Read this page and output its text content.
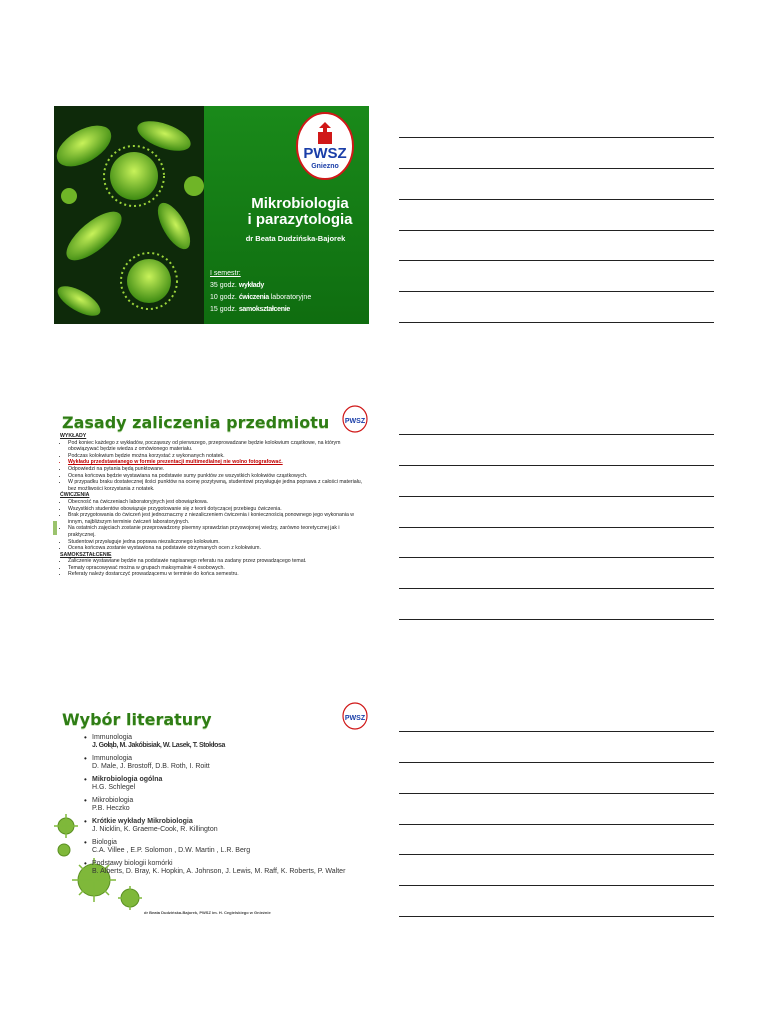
PWSZ
Gniezno
Mikrobiologia
i parazytologia
dr Beata Dudzińska-Bajorek
I semestr:
35 godz. wykłady
10 godz. ćwiczenia laboratoryjne
15 godz. samokształcenie
Zasady zaliczenia przedmiotu PWSZ
WYKŁADY
• Pod koniec każdego z wykładów, począwszy od pierwszego, przeprowadzane będzie kolokwium cząstkowe, na którym obowiązywać będzie wiedza z omówionego materiału.
• Podczas kolokwium będzie można korzystać z wykonanych notatek.
• Wykładu przedstawianego w formie prezentacji multimedialnej nie wolno fotografować.
• Odpowiedzi na pytania będą punktowane.
• Ocena końcowa będzie wystawiana na podstawie sumy punktów ze wszystkich kolokwiów cząstkowych.
• W przypadku braku dostatecznej ilości punktów na ocenę pozytywną, studentowi przysługuje jedna poprawa z całości materiału, bez możliwości korzystania z notatek.
ĆWICZENIA
• Obecność na ćwiczeniach laboratoryjnych jest obowiązkowa.
• Wszystkich studentów obowiązuje przygotowanie się z teorii dotyczącej przebiegu ćwiczenia.
• Brak przygotowania do ćwiczeń jest jednoznaczny z niezaliczeniem ćwiczenia i koniecznością ponownego jego wykonania w innym, najbliższym terminie ćwiczeń laboratoryjnych.
• Na ostatnich zajęciach zostanie przeprowadzony pisemny sprawdzian przyswojonej wiedzy, zarówno teoretycznej jak i praktycznej.
• Studentowi przysługuje jedna poprawa niezaliczonego kolokwium.
• Ocena końcowa zostanie wystawiona na podstawie otrzymanych ocen z kolokwium.
SAMOKSZTAŁCENIE
• Zaliczenie wystawiane będzie na podstawie napisanego referatu na zadany przez prowadzącego temat.
• Tematy opracowywać można w grupach maksymalnie 4 osobowych.
• Referaty należy dostarczyć prowadzącemu w terminie do końca semestru.
Wybór literatury	PWSZ
• Immunologia
J. Gołąb, M. Jakóbisiak, W. Lasek, T. Stokłosa
• Immunologia
D. Male, J. Brostoff, D.B. Roth, I. Roitt
• Mikrobiologia ogólna
H.G. Schlegel
• Mikrobiologia
P.B. Heczko
• Krótkie wykłady Mikrobiologia
J. Nicklin, K. Graeme-Cook, R. Killington
• Biologia
C.A. Villee , E.P. Solomon , D.W. Martin , L.R. Berg
• Podstawy biologii komórki
B. Alberts, D. Bray, K. Hopkin, A. Johnson, J. Lewis, M. Raff, K. Roberts, P. Walter
dr Beata Dudzińska-Bajorek, PWSZ im. H. Cegielskiego w Gnieźnie
